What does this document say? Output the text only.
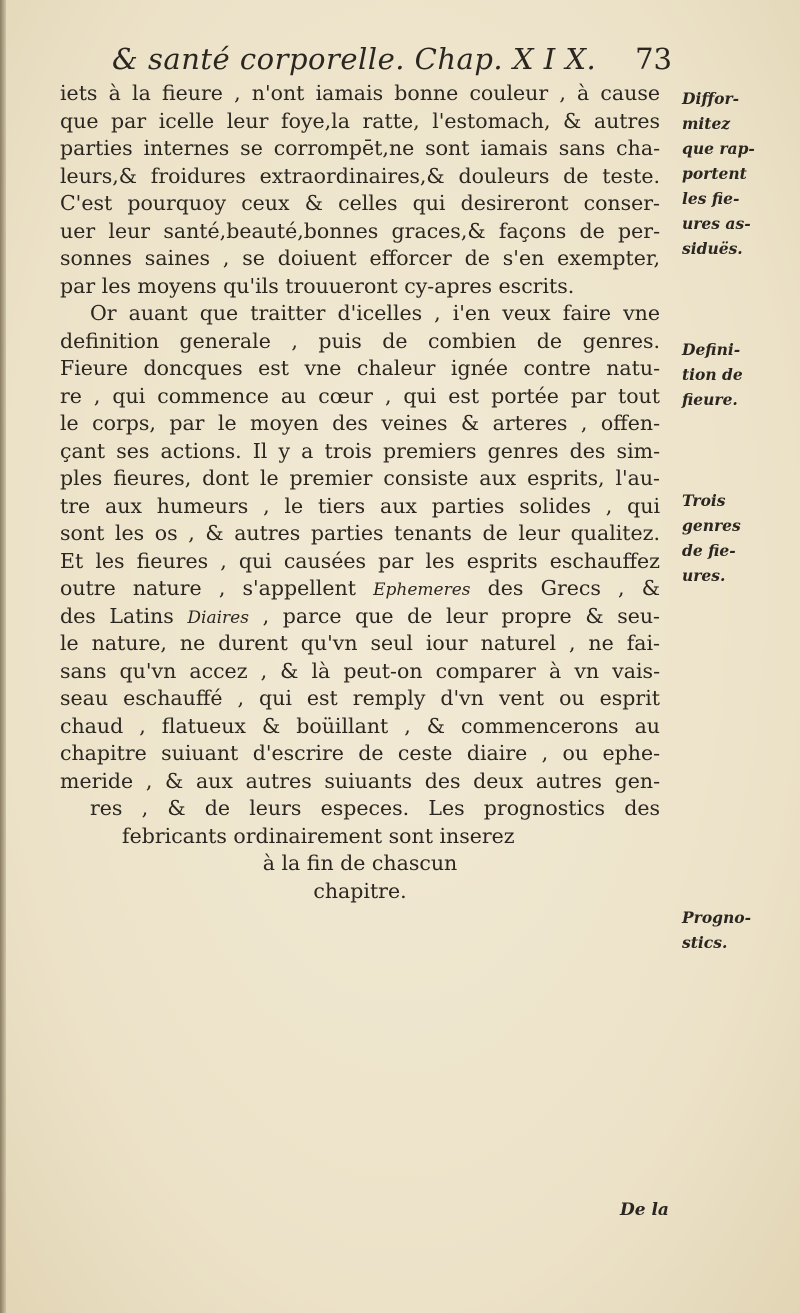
& santé corporelle. Chap. X I X. 73
iets à la fieure , n'ont iamais bonne couleur , à cause
que par icelle leur foye,la ratte, l'estomach, & autres
parties internes se corrompēt,ne sont iamais sans cha-
leurs,& froidures extraordinaires,& douleurs de teste.
C'est pourquoy ceux & celles qui desireront conser-
uer leur santé,beauté,bonnes graces,& façons de per-
sonnes saines , se doiuent efforcer de s'en exempter,
par les moyens qu'ils trouueront cy-apres escrits.
Or auant que traitter d'icelles , i'en veux faire vne
definition generale , puis de combien de genres.
Fieure doncques est vne chaleur ignée contre natu-
re , qui commence au cœur , qui est portée par tout
le corps, par le moyen des veines & arteres , offen-
çant ses actions. Il y a trois premiers genres des sim-
ples fieures, dont le premier consiste aux esprits, l'au-
tre aux humeurs , le tiers aux parties solides , qui
sont les os , & autres parties tenants de leur qualitez.
Et les fieures , qui causées par les esprits eschauffez
outre nature , s'appellent Ephemeres des Grecs , &
des Latins Diaires , parce que de leur propre & seu-
le nature, ne durent qu'vn seul iour naturel , ne fai-
sans qu'vn accez , & là peut-on comparer à vn vais-
seau eschauffé , qui est remply d'vn vent ou esprit
chaud , flatueux & boüillant , & commencerons au
chapitre suiuant d'escrire de ceste diaire , ou ephe-
meride , & aux autres suiuants des deux autres gen-
res , & de leurs especes. Les prognostics des
febricants ordinairement sont inserez
à la fin de chascun
chapitre.
Diffor-
mitez
que rap-
portent
les fie-
ures as-
siduës.
Defini-
tion de
fieure.
Trois
genres
de fie-
ures.
Progno-
stics.
De la
